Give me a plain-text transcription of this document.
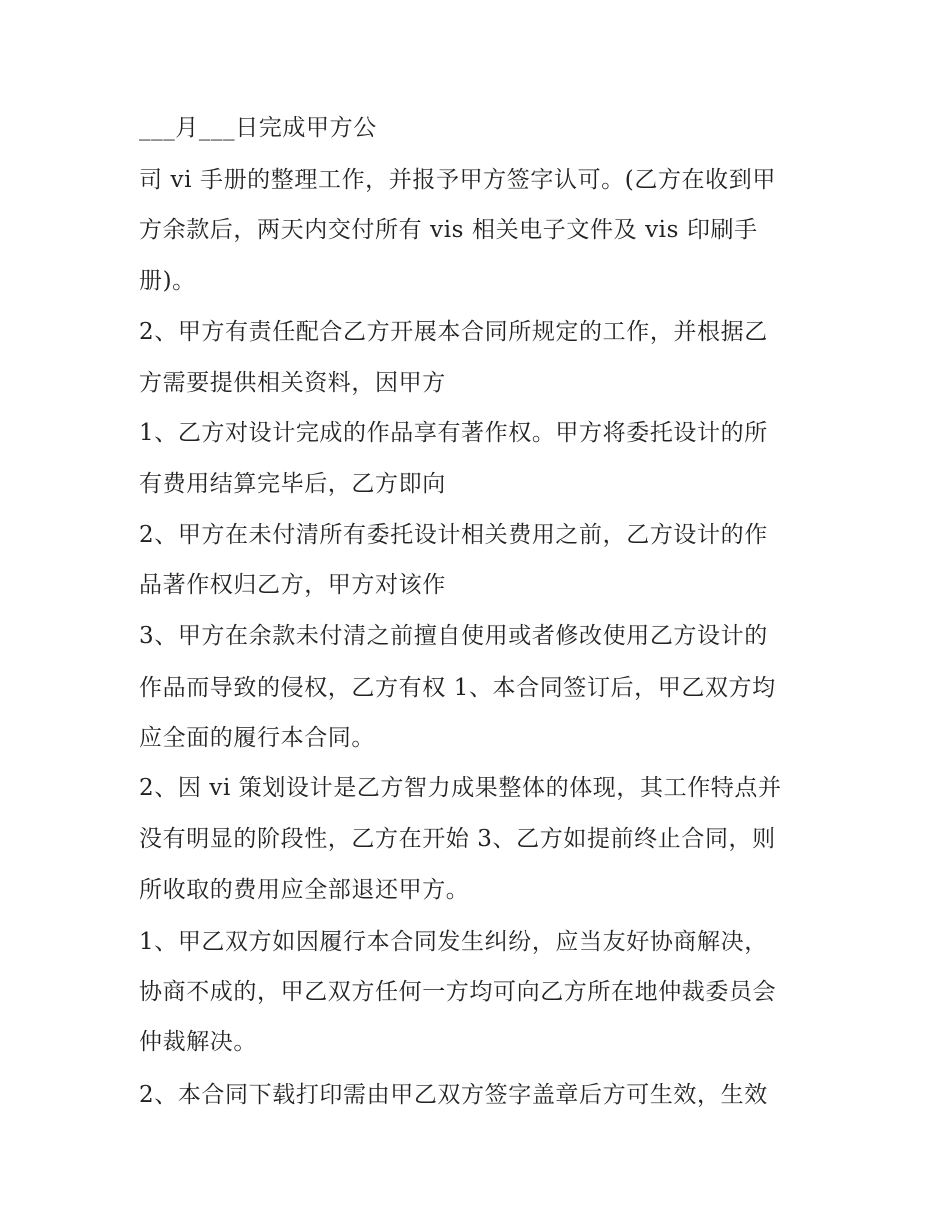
___月___日完成甲方公
司 vi 手册的整理工作，并报予甲方签字认可。(乙方在收到甲
方余款后，两天内交付所有 vis 相关电子文件及 vis 印刷手
册)。
2、甲方有责任配合乙方开展本合同所规定的工作，并根据乙
方需要提供相关资料，因甲方
1、乙方对设计完成的作品享有著作权。甲方将委托设计的所
有费用结算完毕后，乙方即向
2、甲方在未付清所有委托设计相关费用之前，乙方设计的作
品著作权归乙方，甲方对该作
3、甲方在余款未付清之前擅自使用或者修改使用乙方设计的
作品而导致的侵权，乙方有权 1、本合同签订后，甲乙双方均
应全面的履行本合同。
2、因 vi 策划设计是乙方智力成果整体的体现，其工作特点并
没有明显的阶段性，乙方在开始 3、乙方如提前终止合同，则
所收取的费用应全部退还甲方。
1、甲乙双方如因履行本合同发生纠纷，应当友好协商解决，
协商不成的，甲乙双方任何一方均可向乙方所在地仲裁委员会
仲裁解决。
2、本合同下载打印需由甲乙双方签字盖章后方可生效，生效
